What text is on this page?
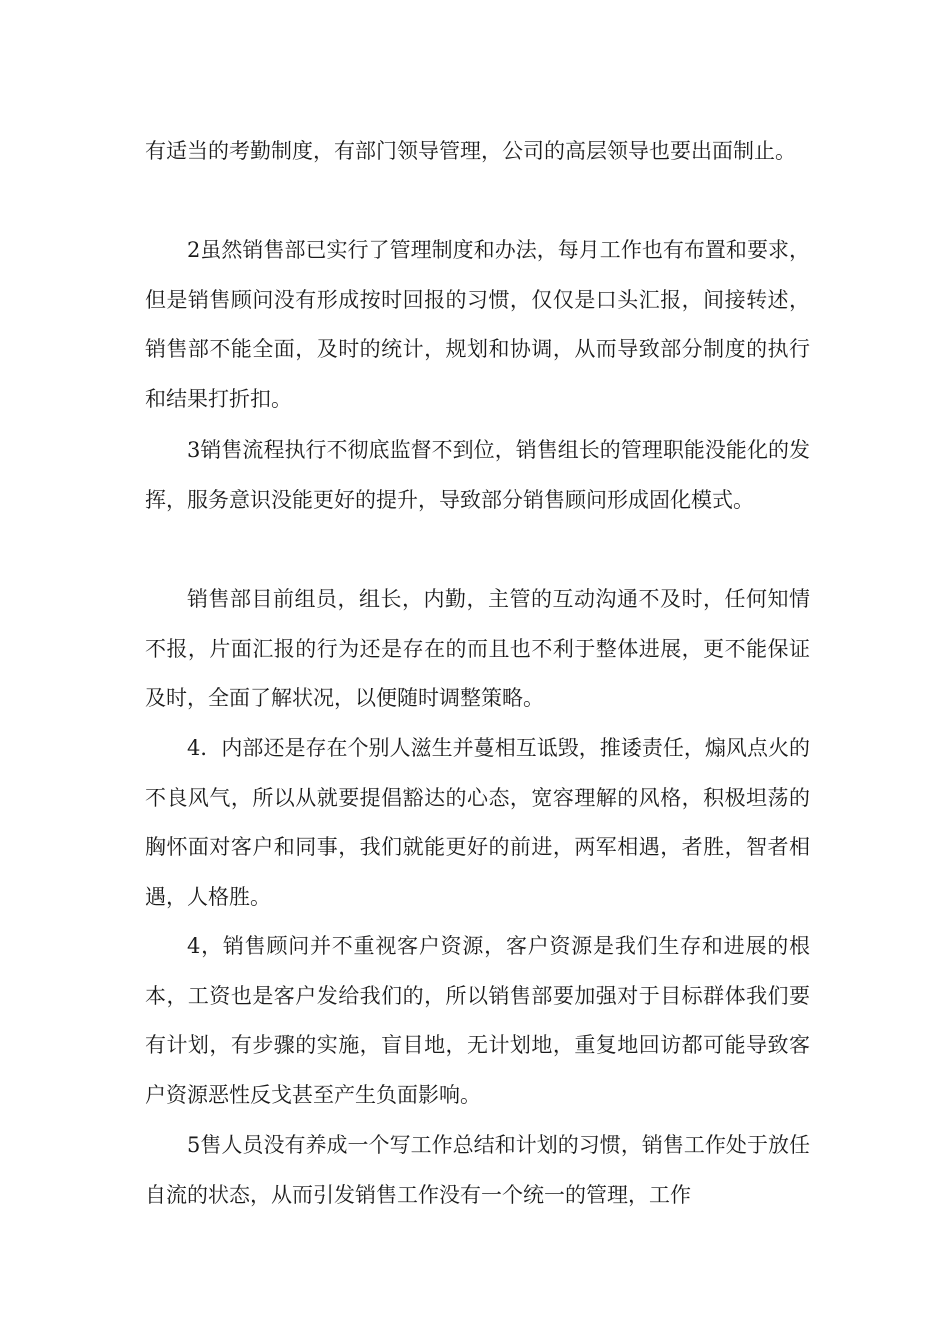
有适当的考勤制度，有部门领导管理，公司的高层领导也要出面制止。

2虽然销售部已实行了管理制度和办法，每月工作也有布置和要求，但是销售顾问没有形成按时回报的习惯，仅仅是口头汇报，间接转述，销售部不能全面，及时的统计，规划和协调，从而导致部分制度的执行和结果打折扣。

3销售流程执行不彻底监督不到位，销售组长的管理职能没能化的发挥，服务意识没能更好的提升，导致部分销售顾问形成固化模式。

销售部目前组员，组长，内勤，主管的互动沟通不及时，任何知情不报，片面汇报的行为还是存在的而且也不利于整体进展，更不能保证及时，全面了解状况，以便随时调整策略。

4．内部还是存在个别人滋生并蔓相互诋毁，推诿责任，煽风点火的不良风气，所以从就要提倡豁达的心态，宽容理解的风格，积极坦荡的胸怀面对客户和同事，我们就能更好的前进，两军相遇，者胜，智者相遇，人格胜。

4，销售顾问并不重视客户资源，客户资源是我们生存和进展的根本，工资也是客户发给我们的，所以销售部要加强对于目标群体我们要有计划，有步骤的实施，盲目地，无计划地，重复地回访都可能导致客户资源恶性反戈甚至产生负面影响。

5售人员没有养成一个写工作总结和计划的习惯，销售工作处于放任自流的状态，从而引发销售工作没有一个统一的管理，工作
